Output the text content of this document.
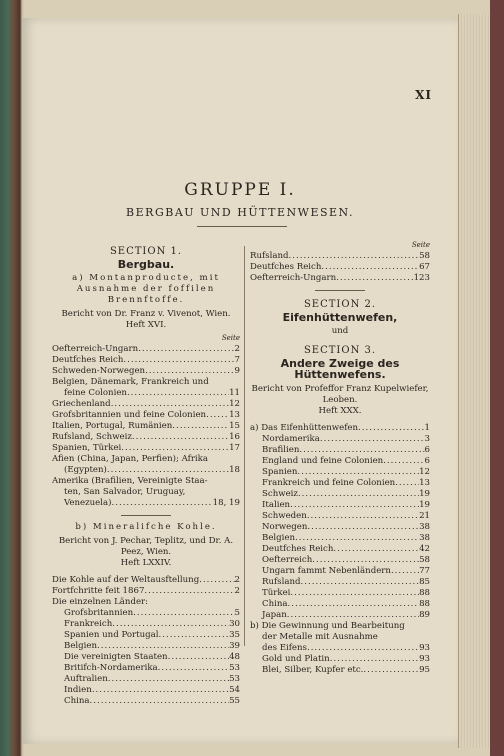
XI
GRUPPE I.
BERGBAU UND HÜTTENWESEN.
SECTION 1.
Bergbau.
a) Montanproducte, mit Ausnahme der foffilen Brennftoffe.
Bericht von Dr. Franz v. Vivenot, Wien.
Heft XVI.
Seite
Oefterreich-Ungarn .....	2
Deutfches Reich .....	7
Schweden-Norwegen .....	9
Belgien, Dänemark, Frankreich und
feine Colonien .....	11
Griechenland .....	12
Grofsbritannien und feine Colonien .....	13
Italien, Portugal, Rumänien .....	15
Rufsland, Schweiz .....	16
Spanien, Türkei .....	17
Afien (China, Japan, Perfien); Afrika
(Egypten) .....	18
Amerika (Brafilien, Vereinigte Staa-
ten, San Salvador, Uruguay,
Venezuela) .....	18, 19
b) Mineralifche Kohle.
Bericht von J. Pechar, Teplitz, und Dr. A. Peez, Wien.
Heft LXXIV.
Die Kohle auf der Weltausftellung .....	2
Fortfchritte feit 1867 .....	2
Die einzelnen Länder:
Grofsbritannien .....	5
Frankreich .....	30
Spanien und Portugal .....	35
Belgien .....	39
Die vereinigten Staaten .....	48
Britifch-Nordamerika .....	53
Auftralien .....	53
Indien .....	54
China .....	55
Seite
Rufsland .....	58
Deutfches Reich .....	67
Oefterreich-Ungarn .....	123
SECTION 2.
Eifenhüttenwefen,
und
SECTION 3.
Andere Zweige des Hüttenwefens.
Bericht von Profeffor Franz Kupelwiefer, Leoben.
Heft XXX.
a) Das Eifenhüttenwefen .....	1
Nordamerika .....	3
Brafilien .....	6
England und feine Colonien .....	6
Spanien .....	12
Frankreich und feine Colonien .....	13
Schweiz .....	19
Italien .....	19
Schweden .....	21
Norwegen .....	38
Belgien .....	38
Deutfches Reich .....	42
Oefterreich .....	58
Ungarn fammt Nebenländern .....	77
Rufsland .....	85
Türkei .....	88
China .....	88
Japan .....	89
b) Die Gewinnung und Bearbeitung
der Metalle mit Ausnahme
des Eifens .....	93
Gold und Platin .....	93
Blei, Silber, Kupfer etc. .....	95
